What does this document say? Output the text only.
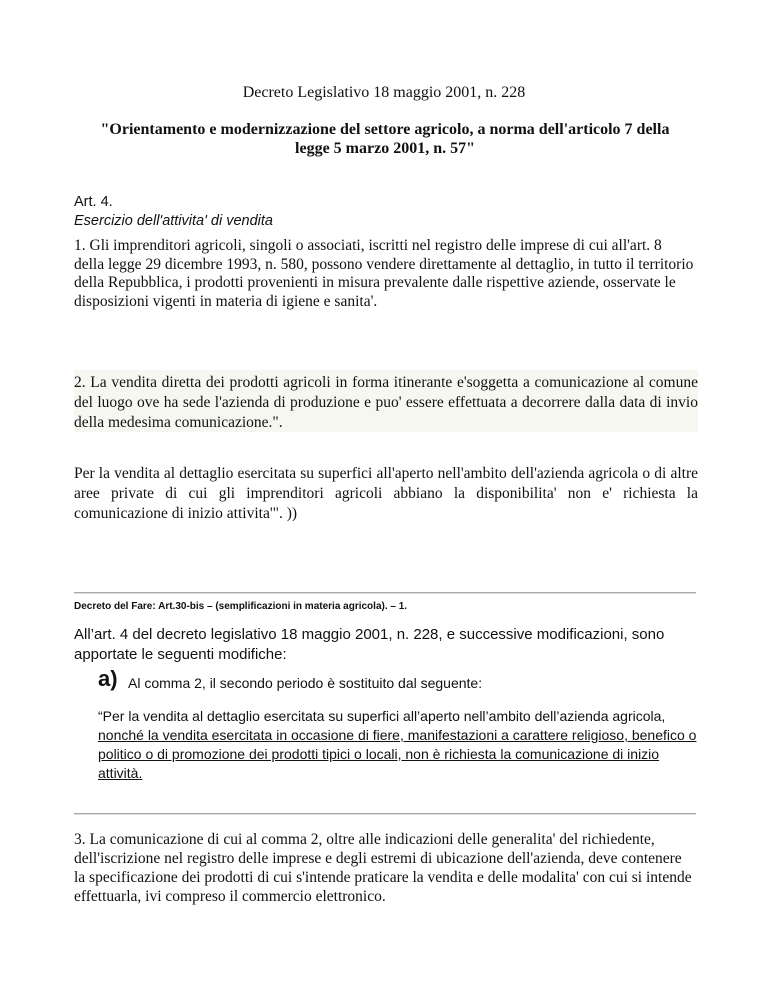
Decreto Legislativo 18 maggio 2001, n. 228
"Orientamento e modernizzazione del settore agricolo, a norma dell'articolo 7 della legge 5 marzo 2001, n. 57"
Art. 4.
Esercizio dell'attivita' di vendita
1. Gli imprenditori agricoli, singoli o associati, iscritti nel registro delle imprese di cui all'art. 8 della legge 29 dicembre 1993, n. 580, possono vendere direttamente al dettaglio, in tutto il territorio della Repubblica, i prodotti provenienti in misura prevalente dalle rispettive aziende, osservate le disposizioni vigenti in materia di igiene e sanita'.
2. La vendita diretta dei prodotti agricoli in forma itinerante e'soggetta a comunicazione al comune del luogo ove ha sede l'azienda di produzione e puo' essere effettuata a decorrere dalla data di invio della medesima comunicazione.".
Per la vendita al dettaglio esercitata su superfici all'aperto nell'ambito dell'azienda agricola o di altre aree private di cui gli imprenditori agricoli abbiano la disponibilita' non e' richiesta la comunicazione di inizio attivita'". ))
Decreto del Fare: Art.30-bis – (semplificazioni in materia agricola). – 1.
All’art. 4 del decreto legislativo 18 maggio 2001, n. 228, e successive modificazioni, sono apportate le seguenti modifiche:
a) Al comma 2, il secondo periodo è sostituito dal seguente:
“Per la vendita al dettaglio esercitata su superfici all’aperto nell’ambito dell’azienda agricola, nonché la vendita esercitata in occasione di fiere, manifestazioni a carattere religioso, benefico o politico o di promozione dei prodotti tipici o locali, non è richiesta la comunicazione di inizio attività.
3. La comunicazione di cui al comma 2, oltre alle indicazioni delle generalita' del richiedente, dell'iscrizione nel registro delle imprese e degli estremi di ubicazione dell'azienda, deve contenere la specificazione dei prodotti di cui s'intende praticare la vendita e delle modalita' con cui si intende effettuarla, ivi compreso il commercio elettronico.
